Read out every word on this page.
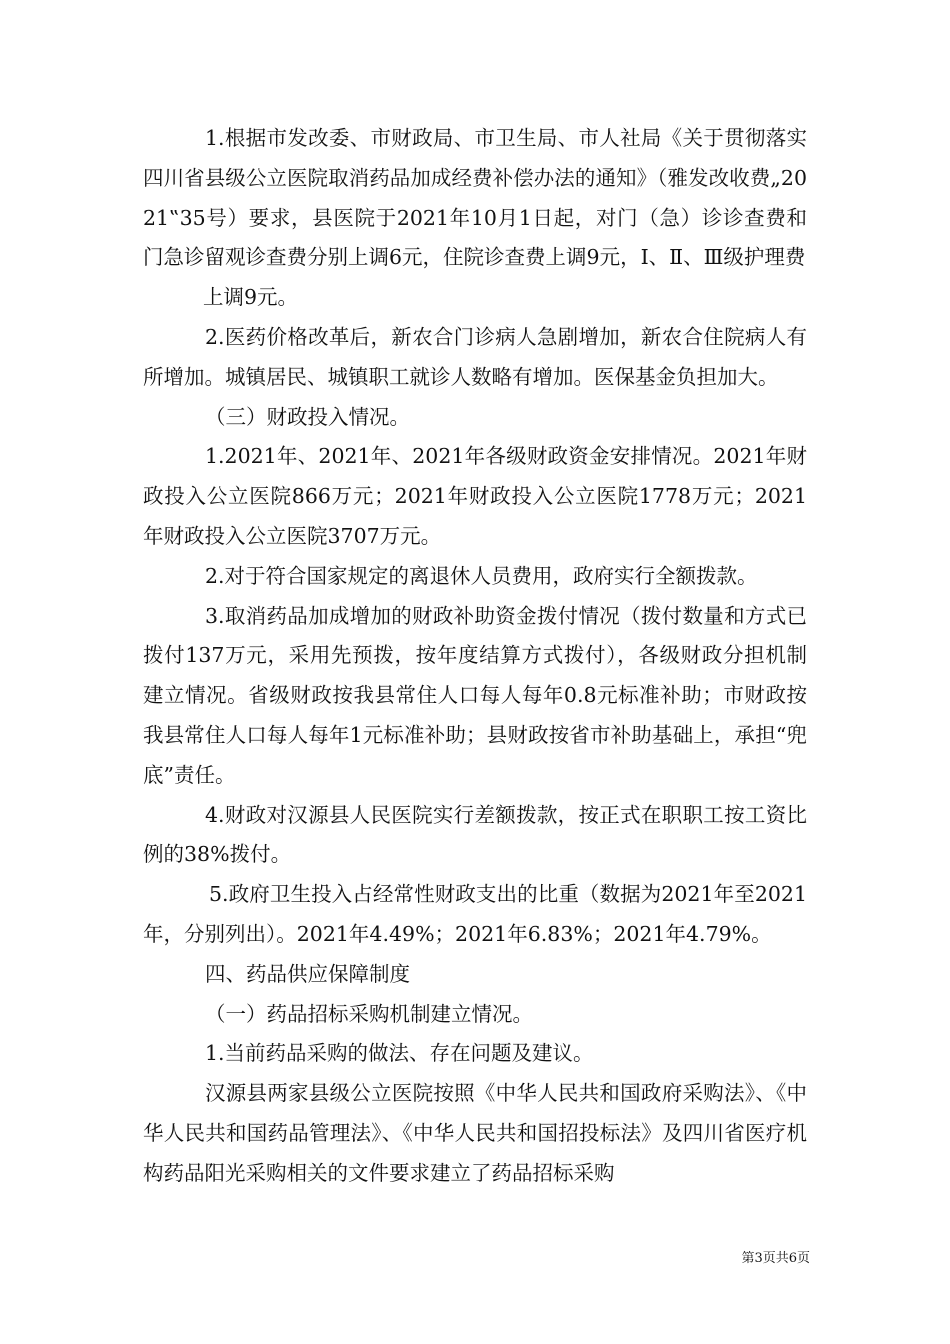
1.根据市发改委、市财政局、市卫生局、市人社局《关于贯彻落实四川省县级公立医院取消药品加成经费补偿办法的通知》（雅发改收费„2021‟35号）要求，县医院于2021年10月1日起，对门（急）诊诊查费和门急诊留观诊查费分别上调6元，住院诊查费上调9元，Ⅰ、Ⅱ、Ⅲ级护理费

上调9元。

2.医药价格改革后，新农合门诊病人急剧增加，新农合住院病人有所增加。城镇居民、城镇职工就诊人数略有增加。医保基金负担加大。

（三）财政投入情况。

1.2021年、2021年、2021年各级财政资金安排情况。2021年财政投入公立医院866万元；2021年财政投入公立医院1778万元；2021年财政投入公立医院3707万元。

2.对于符合国家规定的离退休人员费用，政府实行全额拨款。

3.取消药品加成增加的财政补助资金拨付情况（拨付数量和方式已拨付137万元，采用先预拨，按年度结算方式拨付），各级财政分担机制建立情况。省级财政按我县常住人口每人每年0.8元标准补助；市财政按我县常住人口每人每年1元标准补助；县财政按省市补助基础上，承担“兜底”责任。

4.财政对汉源县人民医院实行差额拨款，按正式在职职工按工资比例的38%拨付。

5.政府卫生投入占经常性财政支出的比重（数据为2021年至2021年，分别列出）。2021年4.49%；2021年6.83%；2021年4.79%。

四、药品供应保障制度

（一）药品招标采购机制建立情况。

1.当前药品采购的做法、存在问题及建议。

汉源县两家县级公立医院按照《中华人民共和国政府采购法》、《中华人民共和国药品管理法》、《中华人民共和国招投标法》及四川省医疗机构药品阳光采购相关的文件要求建立了药品招标采购

第3页共6页
